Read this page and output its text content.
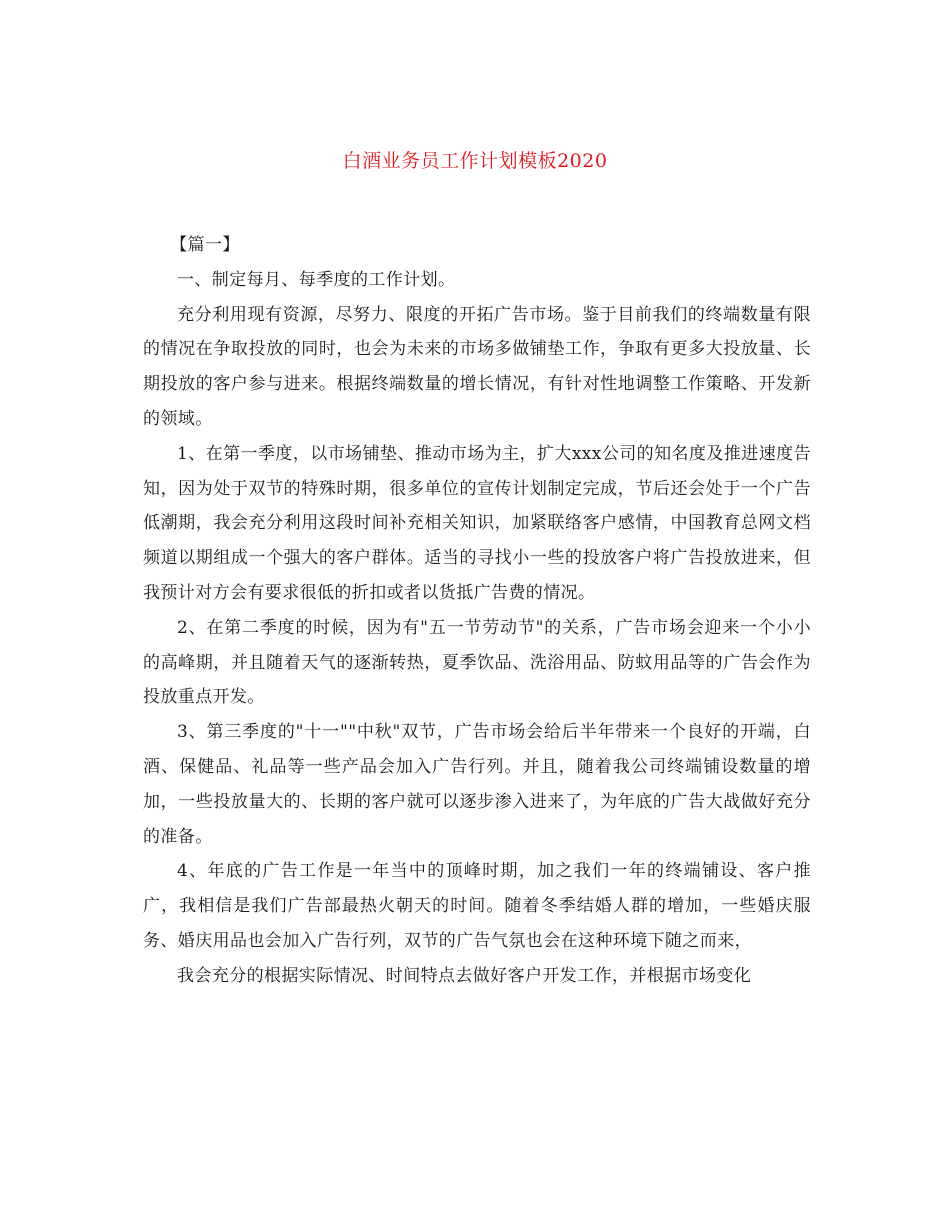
白酒业务员工作计划模板2020

【篇一】

一、制定每月、每季度的工作计划。

充分利用现有资源，尽努力、限度的开拓广告市场。鉴于目前我们的终端数量有限的情况在争取投放的同时，也会为未来的市场多做铺垫工作，争取有更多大投放量、长期投放的客户参与进来。根据终端数量的增长情况，有针对性地调整工作策略、开发新的领域。

1、在第一季度，以市场铺垫、推动市场为主，扩大xxx公司的知名度及推进速度告知，因为处于双节的特殊时期，很多单位的宣传计划制定完成，节后还会处于一个广告低潮期，我会充分利用这段时间补充相关知识，加紧联络客户感情，中国教育总网文档频道以期组成一个强大的客户群体。适当的寻找小一些的投放客户将广告投放进来，但我预计对方会有要求很低的折扣或者以货抵广告费的情况。

2、在第二季度的时候，因为有"五一节劳动节"的关系，广告市场会迎来一个小小的高峰期，并且随着天气的逐渐转热，夏季饮品、洗浴用品、防蚊用品等的广告会作为投放重点开发。

3、第三季度的"十一""中秋"双节，广告市场会给后半年带来一个良好的开端，白酒、保健品、礼品等一些产品会加入广告行列。并且，随着我公司终端铺设数量的增加，一些投放量大的、长期的客户就可以逐步渗入进来了，为年底的广告大战做好充分的准备。

4、年底的广告工作是一年当中的顶峰时期，加之我们一年的终端铺设、客户推广，我相信是我们广告部最热火朝天的时间。随着冬季结婚人群的增加，一些婚庆服务、婚庆用品也会加入广告行列，双节的广告气氛也会在这种环境下随之而来，

我会充分的根据实际情况、时间特点去做好客户开发工作，并根据市场变化
